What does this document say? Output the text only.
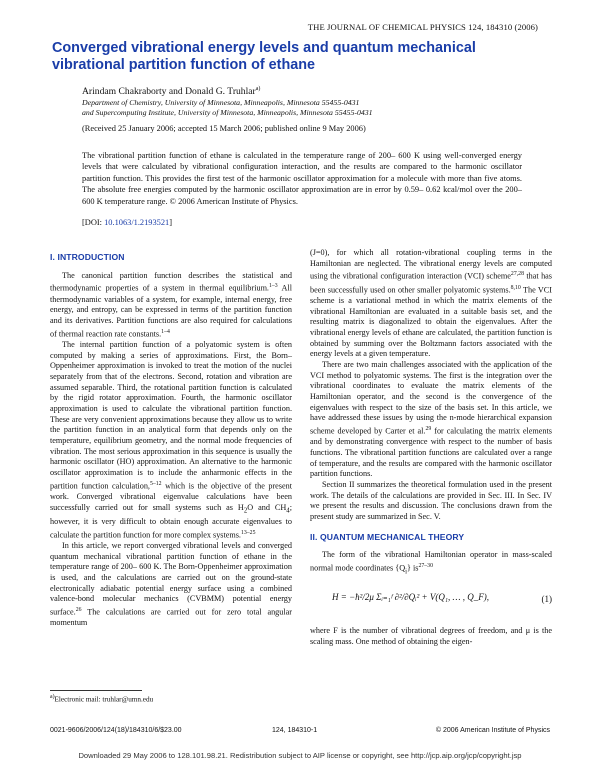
THE JOURNAL OF CHEMICAL PHYSICS 124, 184310 (2006)
Converged vibrational energy levels and quantum mechanical vibrational partition function of ethane
Arindam Chakraborty and Donald G. Truhlar$^{a)}$
Department of Chemistry, University of Minnesota, Minneapolis, Minnesota 55455-0431
and Supercomputing Institute, University of Minnesota, Minneapolis, Minnesota 55455-0431
(Received 25 January 2006; accepted 15 March 2006; published online 9 May 2006)
The vibrational partition function of ethane is calculated in the temperature range of 200– 600 K using well-converged energy levels that were calculated by vibrational configuration interaction, and the results are compared to the harmonic oscillator partition function. This provides the first test of the harmonic oscillator approximation for a molecule with more than five atoms. The absolute free energies computed by the harmonic oscillator approximation are in error by 0.59– 0.62 kcal/mol over the 200– 600 K temperature range. © 2006 American Institute of Physics.
[DOI: 10.1063/1.2193521]
I. INTRODUCTION

The canonical partition function describes the statistical and thermodynamic properties of a system in thermal equilibrium.$^{1-3}$ All thermodynamic variables of a system, for example, internal energy, free energy, and entropy, can be expressed in terms of the partition function and its derivatives. Partition functions are also required for calculations of thermal reaction rate constants.$^{1-4}$

The internal partition function of a polyatomic system is often computed by making a series of approximations. First, the Born–Oppenheimer approximation is invoked to treat the motion of the nuclei separately from that of the electrons. Second, rotation and vibration are assumed separable. Third, the rotational partition function is calculated by the rigid rotator approximation. Fourth, the harmonic oscillator approximation is used to calculate the vibrational partition function. These are very convenient approximations because they allow us to write the partition function in an analytical form that depends only on the temperature, equilibrium geometry, and the normal mode frequencies of vibration. The most serious approximation in this sequence is usually the harmonic oscillator (HO) approximation. An alternative to the harmonic oscillator approximation is to include the anharmonic effects in the partition function calculation,$^{5-12}$ which is the objective of the present work. Converged vibrational eigenvalue calculations have been successfully carried out for small systems such as $H_2O$ and $CH_4$; however, it is very difficult to obtain enough accurate eigenvalues to calculate the partition function for more complex systems.$^{13-25}$

In this article, we report converged vibrational levels and converged quantum mechanical vibrational partition function of ethane in the temperature range of 200– 600 K. The Born-Oppenheimer approximation is used, and the calculations are carried out on the ground-state electronically adiabatic potential energy surface using a combined valence-bond molecular mechanics (CVBMM) potential energy surface.$^{26}$ The calculations are carried out for zero total angular momentum

(J=0), for which all rotation-vibrational coupling terms in the Hamiltonian are neglected. The vibrational energy levels are computed using the vibrational configuration interaction (VCI) scheme$^{27,28}$ that has been successfully used on other smaller polyatomic systems.$^{8,10}$ The VCI scheme is a variational method in which the matrix elements of the vibrational Hamiltonian are evaluated in a suitable basis set, and the resulting matrix is diagonalized to obtain the eigenvalues. After the vibrational energy levels of ethane are calculated, the partition function is obtained by summing over the Boltzmann factors associated with the energy levels at a given temperature.

There are two main challenges associated with the application of the VCI method to polyatomic systems. The first is the integration over the vibrational coordinates to evaluate the matrix elements of the Hamiltonian operator, and the second is the convergence of the eigenvalues with respect to the size of the basis set. In this article, we have addressed these issues by using the n-mode hierarchical expansion scheme developed by Carter et al.$^{29}$ for calculating the matrix elements and by demonstrating convergence with respect to the number of basis functions. The vibrational partition functions are calculated over a range of temperature, and the results are compared with the harmonic oscillator partition functions.

Section II summarizes the theoretical formulation used in the present work. The details of the calculations are provided in Sec. III. In Sec. IV we present the results and discussion. The conclusions drawn from the present study are summarized in Sec. V.

II. QUANTUM MECHANICAL THEORY

The form of the vibrational Hamiltonian operator in mass-scaled normal mode coordinates $\{Q_i\}$ $is^{27-30}$

H = −ħ²/2μ Σᵢ₌₁ᶠ ∂²/∂Qᵢ² + V(Q₁, … , Q_F),	(1)

where F is the number of vibrational degrees of freedom, and μ is the scaling mass. One method of obtaining the eigen-

$^{a)}$Electronic mail: truhlar@umn.edu
0021-9606/2006/124(18)/184310/6/$23.00	124, 184310-1	© 2006 American Institute of Physics
Downloaded 29 May 2006 to 128.101.98.21. Redistribution subject to AIP license or copyright, see http://jcp.aip.org/jcp/copyright.jsp
